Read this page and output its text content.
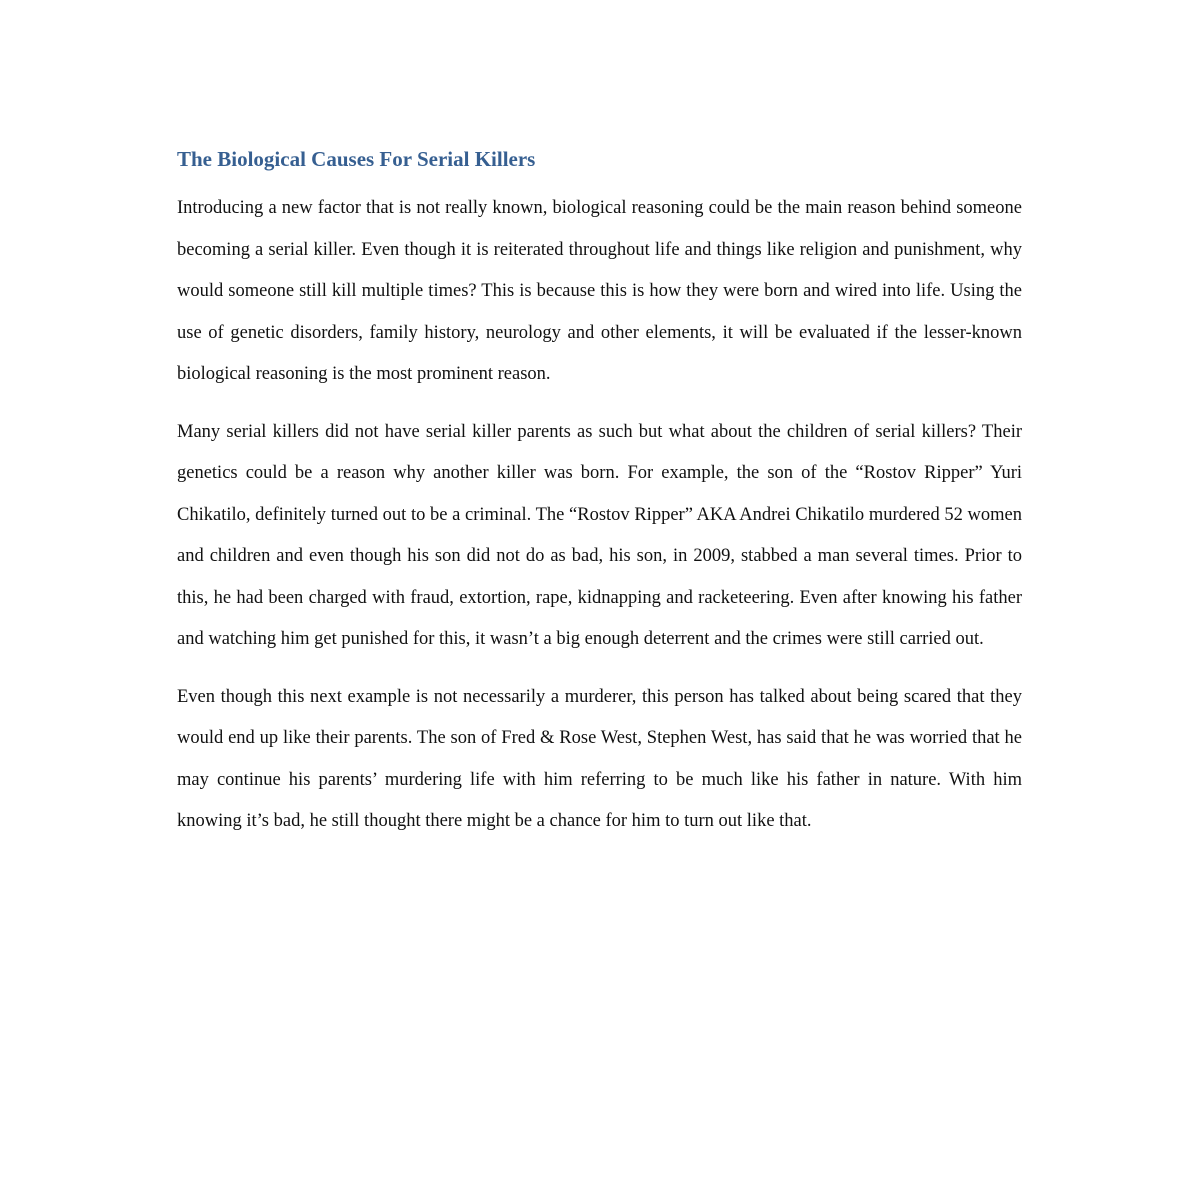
The Biological Causes For Serial Killers

Introducing a new factor that is not really known, biological reasoning could be the main reason behind someone becoming a serial killer. Even though it is reiterated throughout life and things like religion and punishment, why would someone still kill multiple times? This is because this is how they were born and wired into life. Using the use of genetic disorders, family history, neurology and other elements, it will be evaluated if the lesser-known biological reasoning is the most prominent reason.

Many serial killers did not have serial killer parents as such but what about the children of serial killers? Their genetics could be a reason why another killer was born. For example, the son of the “Rostov Ripper” Yuri Chikatilo, definitely turned out to be a criminal. The “Rostov Ripper” AKA Andrei Chikatilo murdered 52 women and children and even though his son did not do as bad, his son, in 2009, stabbed a man several times. Prior to this, he had been charged with fraud, extortion, rape, kidnapping and racketeering. Even after knowing his father and watching him get punished for this, it wasn’t a big enough deterrent and the crimes were still carried out.

Even though this next example is not necessarily a murderer, this person has talked about being scared that they would end up like their parents. The son of Fred & Rose West, Stephen West, has said that he was worried that he may continue his parents’ murdering life with him referring to be much like his father in nature. With him knowing it’s bad, he still thought there might be a chance for him to turn out like that.
